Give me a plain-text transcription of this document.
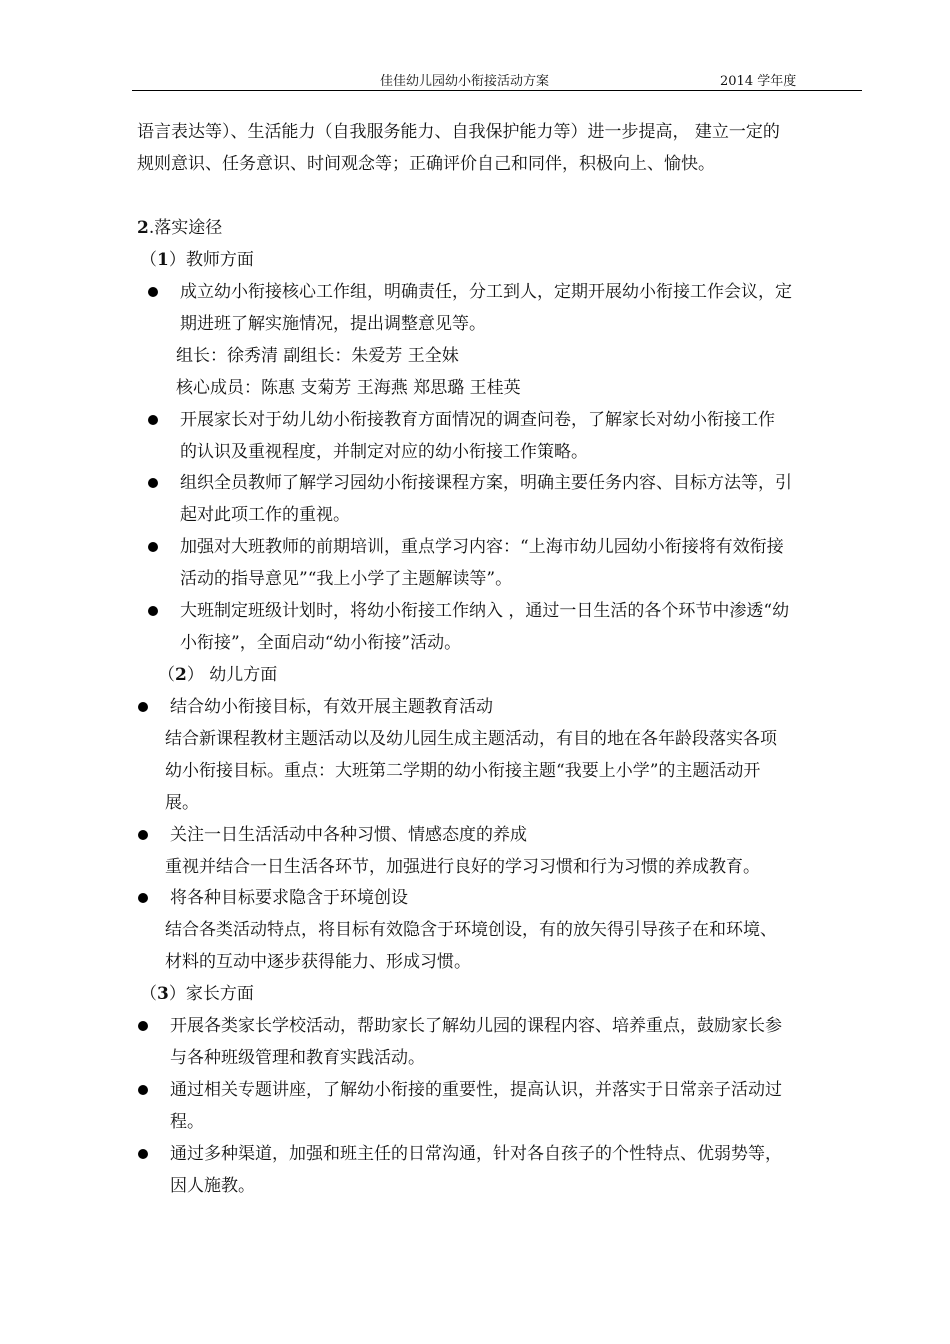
佳佳幼儿园幼小衔接活动方案	2014 学年度
语言表达等）、生活能力（自我服务能力、自我保护能力等）进一步提高， 建立一定的
规则意识、任务意识、时间观念等；正确评价自己和同伴，积极向上、愉快。
2.落实途径
（1）教师方面
成立幼小衔接核心工作组，明确责任，分工到人，定期开展幼小衔接工作会议，定
期进班了解实施情况，提出调整意见等。
组长：徐秀清 副组长：朱爱芳 王全妹
核心成员：陈惠 支菊芳 王海燕 郑思璐 王桂英
开展家长对于幼儿幼小衔接教育方面情况的调查问卷，了解家长对幼小衔接工作
的认识及重视程度，并制定对应的幼小衔接工作策略。
组织全员教师了解学习园幼小衔接课程方案，明确主要任务内容、目标方法等，引
起对此项工作的重视。
加强对大班教师的前期培训，重点学习内容：“上海市幼儿园幼小衔接将有效衔接
活动的指导意见”“我上小学了主题解读等”。
大班制定班级计划时，将幼小衔接工作纳入 ，通过一日生活的各个环节中渗透“幼
小衔接”，全面启动“幼小衔接”活动。
（2） 幼儿方面
结合幼小衔接目标，有效开展主题教育活动
结合新课程教材主题活动以及幼儿园生成主题活动，有目的地在各年龄段落实各项
幼小衔接目标。重点：大班第二学期的幼小衔接主题“我要上小学”的主题活动开
展。
关注一日生活活动中各种习惯、情感态度的养成
重视并结合一日生活各环节，加强进行良好的学习习惯和行为习惯的养成教育。
将各种目标要求隐含于环境创设
结合各类活动特点，将目标有效隐含于环境创设，有的放矢得引导孩子在和环境、
材料的互动中逐步获得能力、形成习惯。
（3）家长方面
开展各类家长学校活动，帮助家长了解幼儿园的课程内容、培养重点，鼓励家长参
与各种班级管理和教育实践活动。
通过相关专题讲座，了解幼小衔接的重要性，提高认识，并落实于日常亲子活动过
程。
通过多种渠道，加强和班主任的日常沟通，针对各自孩子的个性特点、优弱势等，
因人施教。
